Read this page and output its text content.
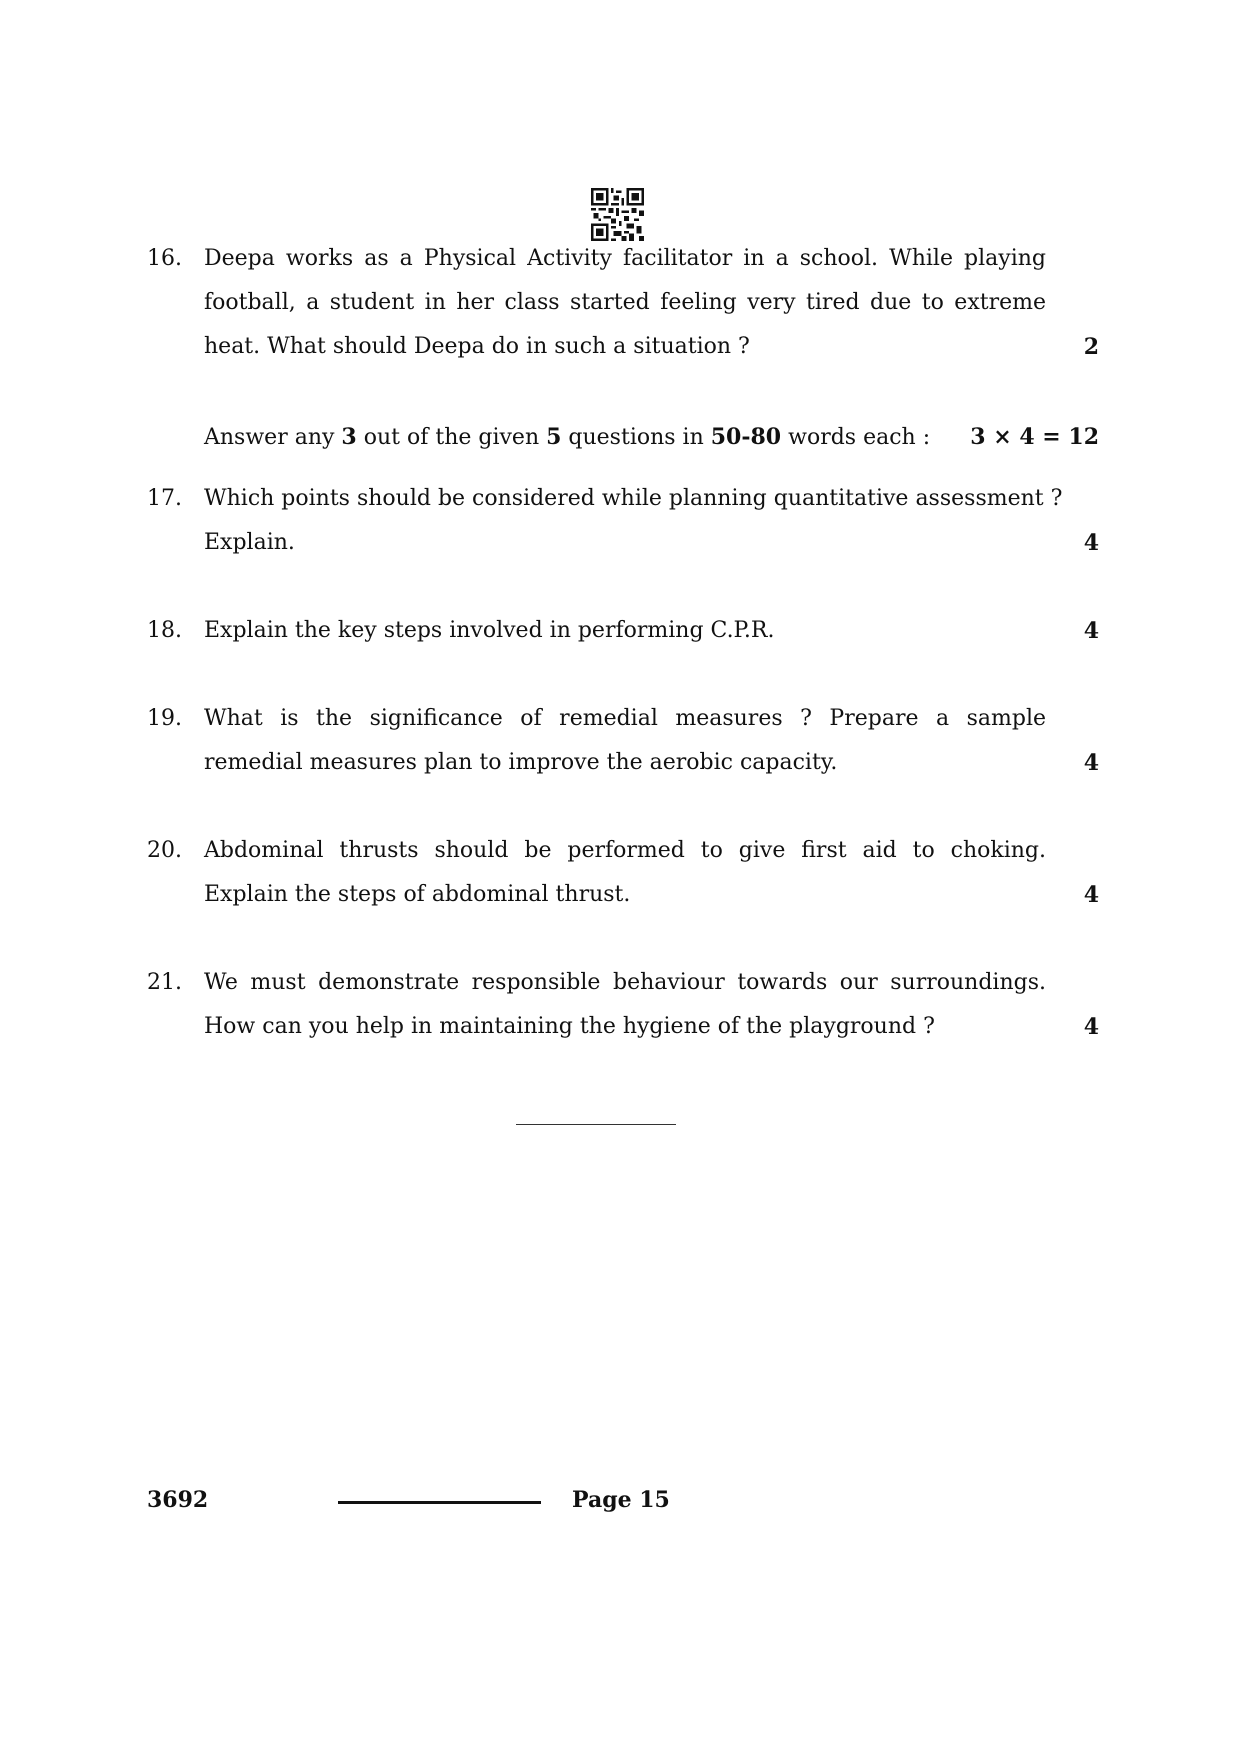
16. Deepa works as a Physical Activity facilitator in a school. While playing
football, a student in her class started feeling very tired due to extreme
heat. What should Deepa do in such a situation ?	2
Answer any 3 out of the given 5 questions in 50-80 words each : 3 × 4 = 12
17. Which points should be considered while planning quantitative assessment ?
Explain.	4
18. Explain the key steps involved in performing C.P.R.	4
19. What is the significance of remedial measures ? Prepare a sample
remedial measures plan to improve the aerobic capacity.	4
20. Abdominal thrusts should be performed to give first aid to choking.
Explain the steps of abdominal thrust.	4
21. We must demonstrate responsible behaviour towards our surroundings.
How can you help in maintaining the hygiene of the playground ?	4
3692	Page 15
